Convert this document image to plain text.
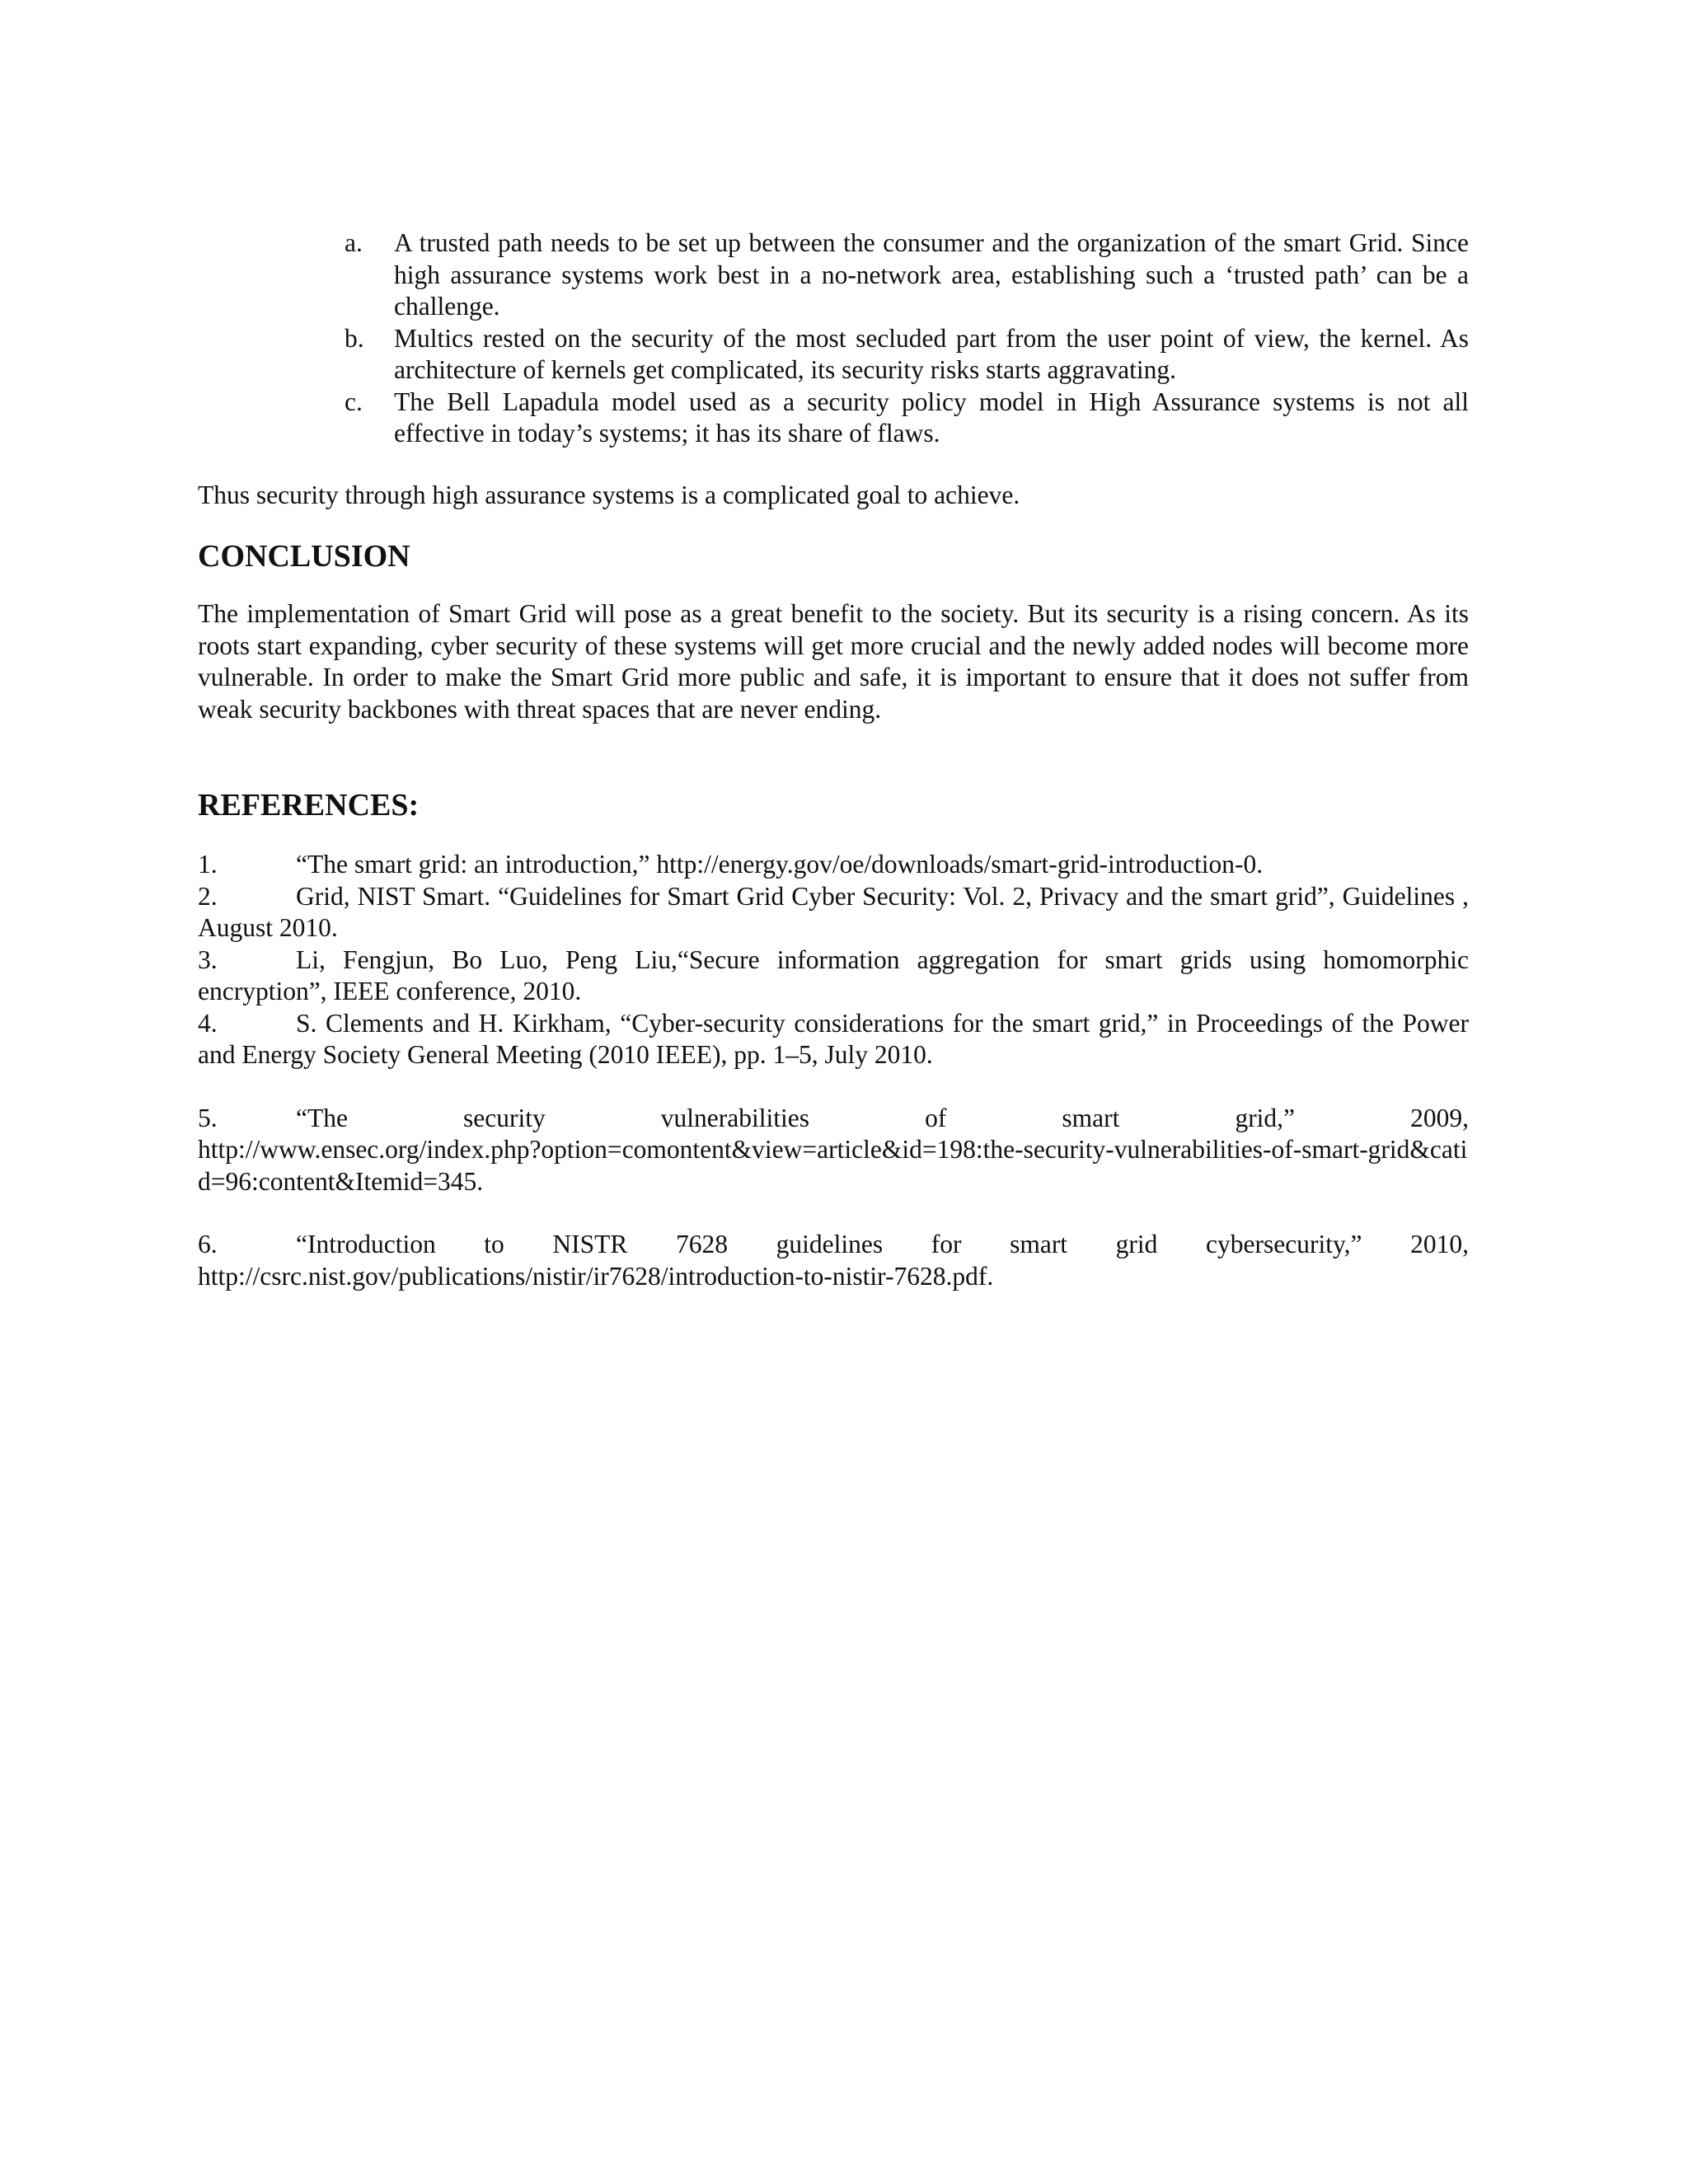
a. A trusted path needs to be set up between the consumer and the organization of the smart Grid. Since high assurance systems work best in a no-network area, establishing such a ‘trusted path’ can be a challenge.
b. Multics rested on the security of the most secluded part from the user point of view, the kernel. As architecture of kernels get complicated, its security risks starts aggravating.
c. The Bell Lapadula model used as a security policy model in High Assurance systems is not all effective in today’s systems; it has its share of flaws.
Thus security through high assurance systems is a complicated goal to achieve.
CONCLUSION
The implementation of Smart Grid will pose as a great benefit to the society. But its security is a rising concern. As its roots start expanding, cyber security of these systems will get more crucial and the newly added nodes will become more vulnerable. In order to make the Smart Grid more public and safe, it is important to ensure that it does not suffer from weak security backbones with threat spaces that are never ending.
REFERENCES:
1.	“The smart grid: an introduction,” http://energy.gov/oe/downloads/smart-grid-introduction-0.
2.	Grid, NIST Smart. “Guidelines for Smart Grid Cyber Security: Vol. 2, Privacy and the smart grid”, Guidelines , August 2010.
3.	Li, Fengjun, Bo Luo, Peng Liu,“Secure information aggregation for smart grids using homomorphic encryption”, IEEE conference, 2010.
4.	S. Clements and H. Kirkham, “Cyber-security considerations for the smart grid,” in Proceedings of the Power and Energy Society General Meeting (2010 IEEE), pp. 1–5, July 2010.
5.	“The security vulnerabilities of smart grid,” 2009,
http://www.ensec.org/index.php?option=comontent&view=article&id=198:the-security-vulnerabilities-of-smart-grid&catid=96:content&Itemid=345.
6.	“Introduction to NISTR 7628 guidelines for smart grid cybersecurity,” 2010,
http://csrc.nist.gov/publications/nistir/ir7628/introduction-to-nistir-7628.pdf.
